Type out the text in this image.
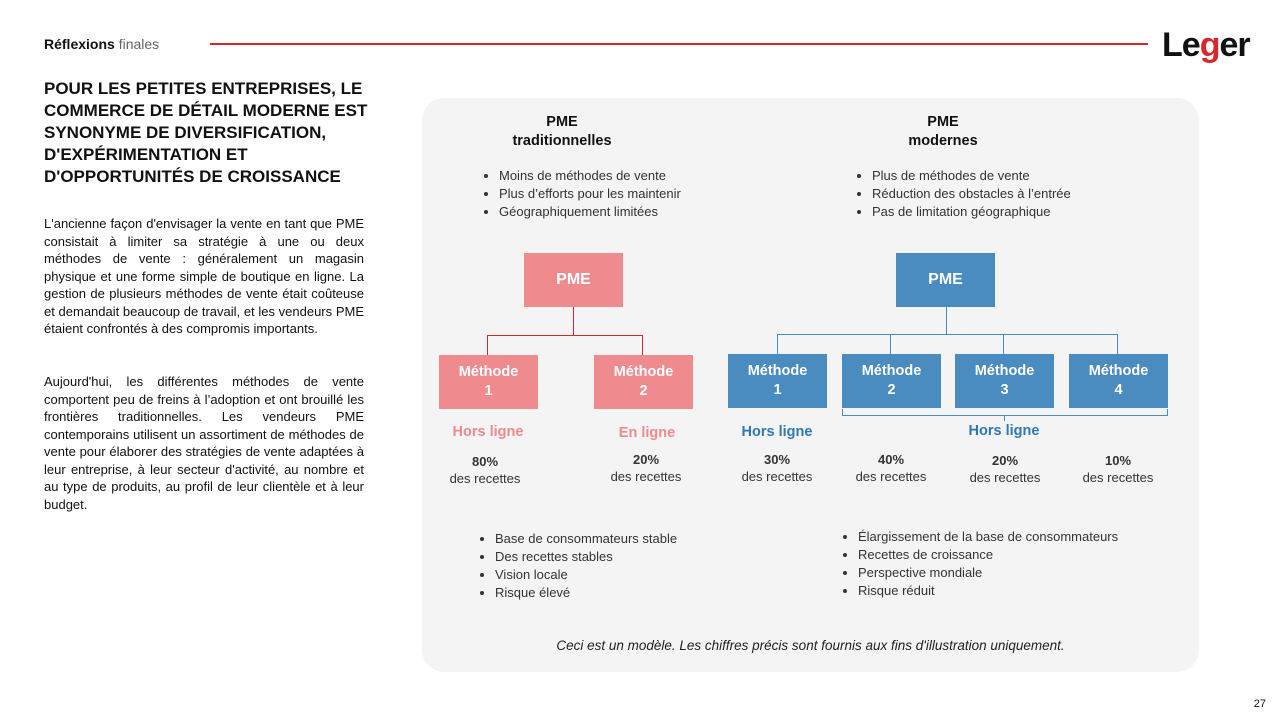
Réflexions finales	Leger
POUR LES PETITES ENTREPRISES, LE COMMERCE DE DÉTAIL MODERNE EST SYNONYME DE DIVERSIFICATION, D'EXPÉRIMENTATION ET D'OPPORTUNITÉS DE CROISSANCE
L'ancienne façon d'envisager la vente en tant que PME consistait à limiter sa stratégie à une ou deux méthodes de vente : généralement un magasin physique et une forme simple de boutique en ligne. La gestion de plusieurs méthodes de vente était coûteuse et demandait beaucoup de travail, et les vendeurs PME étaient confrontés à des compromis importants.
Aujourd'hui, les différentes méthodes de vente comportent peu de freins à l’adoption et ont brouillé les frontières traditionnelles. Les vendeurs PME contemporains utilisent un assortiment de méthodes de vente pour élaborer des stratégies de vente adaptées à leur entreprise, à leur secteur d'activité, au nombre et au type de produits, au profil de leur clientèle et à leur budget.
PME
traditionnelles
PME
modernes
• Moins de méthodes de vente
• Plus d’efforts pour les maintenir
• Géographiquement limitées
• Plus de méthodes de vente
• Réduction des obstacles à l’entrée
• Pas de limitation géographique
PME
Méthode
1
Méthode
2
Hors ligne	En ligne
80%
des recettes
20%
des recettes
PME
Méthode
1
Méthode
2
Méthode
3
Méthode
4
Hors ligne	Hors ligne
30%
des recettes
40%
des recettes
20%
des recettes
10%
des recettes
• Base de consommateurs stable
• Des recettes stables
• Vision locale
• Risque élevé
• Élargissement de la base de consommateurs
• Recettes de croissance
• Perspective mondiale
• Risque réduit
Ceci est un modèle. Les chiffres précis sont fournis aux fins d'illustration uniquement.
27
